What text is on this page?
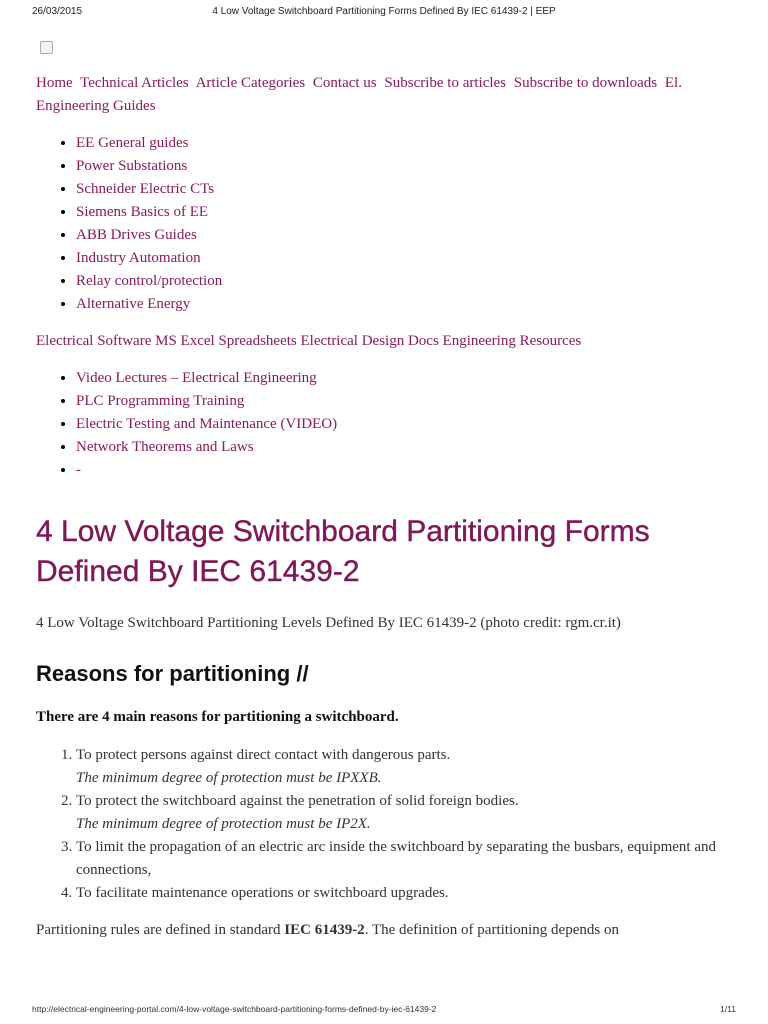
26/03/2015	4 Low Voltage Switchboard Partitioning Forms Defined By IEC 61439-2 | EEP

Home Technical Articles Article Categories Contact us Subscribe to articles Subscribe to downloads El. Engineering Guides

• EE General guides
• Power Substations
• Schneider Electric CTs
• Siemens Basics of EE
• ABB Drives Guides
• Industry Automation
• Relay control/protection
• Alternative Energy

Electrical Software MS Excel Spreadsheets Electrical Design Docs Engineering Resources

• Video Lectures – Electrical Engineering
• PLC Programming Training
• Electric Testing and Maintenance (VIDEO)
• Network Theorems and Laws
• -
4 Low Voltage Switchboard Partitioning Forms Defined By IEC 61439-2

4 Low Voltage Switchboard Partitioning Levels Defined By IEC 61439-2 (photo credit: rgm.cr.it)

Reasons for partitioning //

There are 4 main reasons for partitioning a switchboard.

1. To protect persons against direct contact with dangerous parts.
The minimum degree of protection must be IPXXB.
2. To protect the switchboard against the penetration of solid foreign bodies.
The minimum degree of protection must be IP2X.
3. To limit the propagation of an electric arc inside the switchboard by separating the busbars, equipment and connections,
4. To facilitate maintenance operations or switchboard upgrades.

Partitioning rules are defined in standard IEC 61439-2. The definition of partitioning depends on

http://electrical-engineering-portal.com/4-low-voltage-switchboard-partitioning-forms-defined-by-iec-61439-2	1/11
